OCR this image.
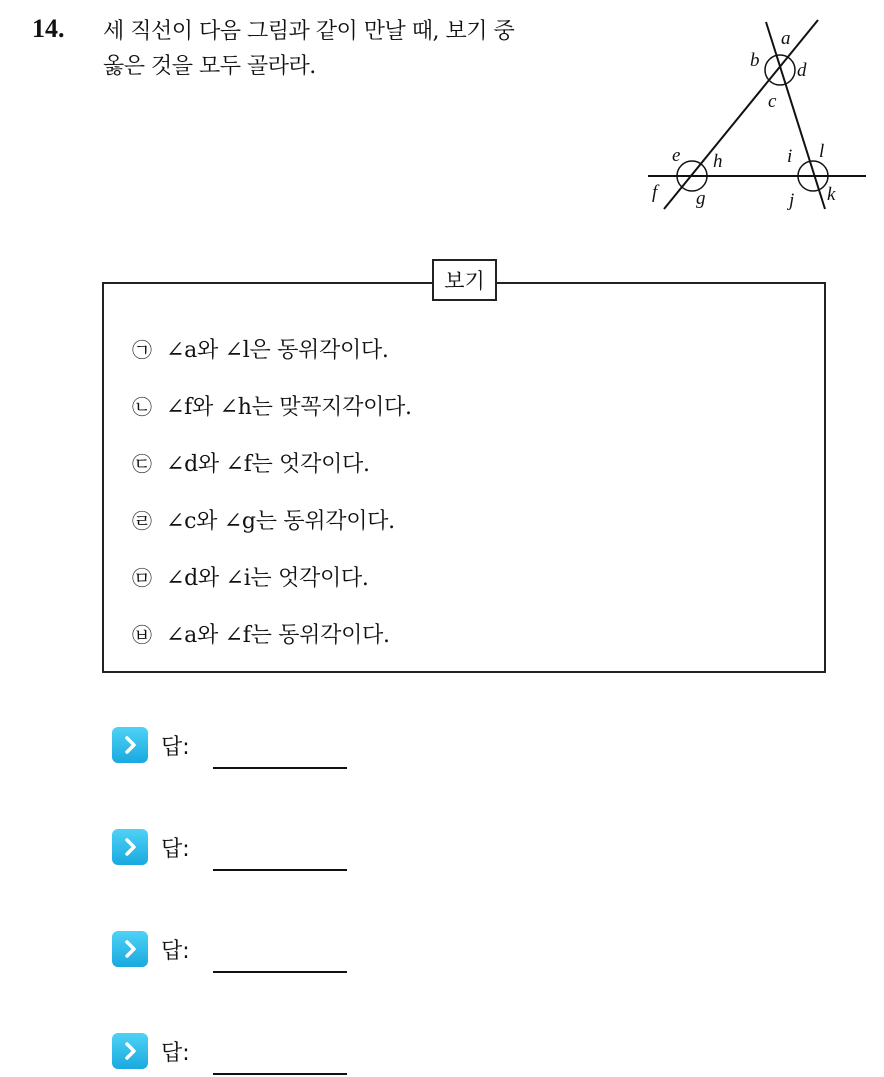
14. 세 직선이 다음 그림과 같이 만날 때, 보기 중
옳은 것을 모두 골라라.
a
b d
c
e h
f g
i l
j k
보기
㉠ ∠a와 ∠l은 동위각이다.
㉡ ∠f와 ∠h는 맞꼭지각이다.
㉢ ∠d와 ∠f는 엇각이다.
㉣ ∠c와 ∠g는 동위각이다.
㉤ ∠d와 ∠i는 엇각이다.
㉥ ∠a와 ∠f는 동위각이다.
답:
답:
답:
답:
